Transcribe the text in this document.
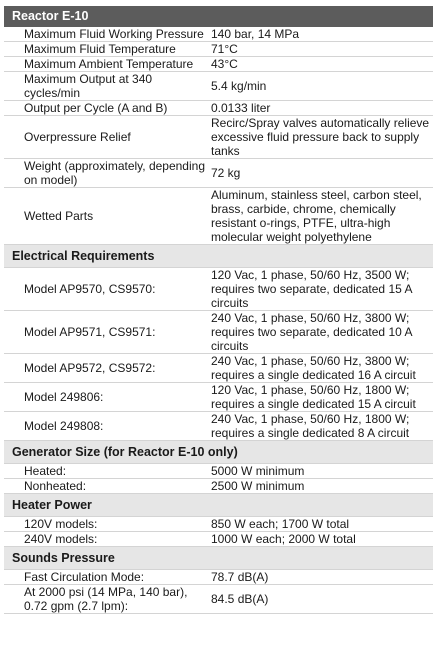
Reactor E-10	
Maximum Fluid Working Pressure	140 bar, 14 MPa
Maximum Fluid Temperature	71°C
Maximum Ambient Temperature	43°C
Maximum Output at 340 cycles/min	5.4 kg/min
Output per Cycle (A and B)	0.0133 liter
Overpressure Relief	Recirc/Spray valves automatically relieve excessive fluid pressure back to supply tanks
Weight (approximately, depending on model)	72 kg
Wetted Parts	Aluminum, stainless steel, carbon steel, brass, carbide, chrome, chemically resistant o-rings, PTFE, ultra-high molecular weight polyethylene
Electrical Requirements	
Model AP9570, CS9570:	120 Vac, 1 phase, 50/60 Hz, 3500 W; requires two separate, dedicated 15 A circuits
Model AP9571, CS9571:	240 Vac, 1 phase, 50/60 Hz, 3800 W; requires two separate, dedicated 10 A circuits
Model AP9572, CS9572:	240 Vac, 1 phase, 50/60 Hz, 3800 W; requires a single dedicated 16 A circuit
Model 249806:	120 Vac, 1 phase, 50/60 Hz, 1800 W; requires a single dedicated 15 A circuit
Model 249808:	240 Vac, 1 phase, 50/60 Hz, 1800 W; requires a single dedicated 8 A circuit
Generator Size (for Reactor E-10 only)	
Heated:	5000 W minimum
Nonheated:	2500 W minimum
Heater Power	
120V models:	850 W each; 1700 W total
240V models:	1000 W each; 2000 W total
Sounds Pressure	
Fast Circulation Mode:	78.7 dB(A)
At 2000 psi (14 MPa, 140 bar), 0.72 gpm (2.7 lpm):	84.5 dB(A)
